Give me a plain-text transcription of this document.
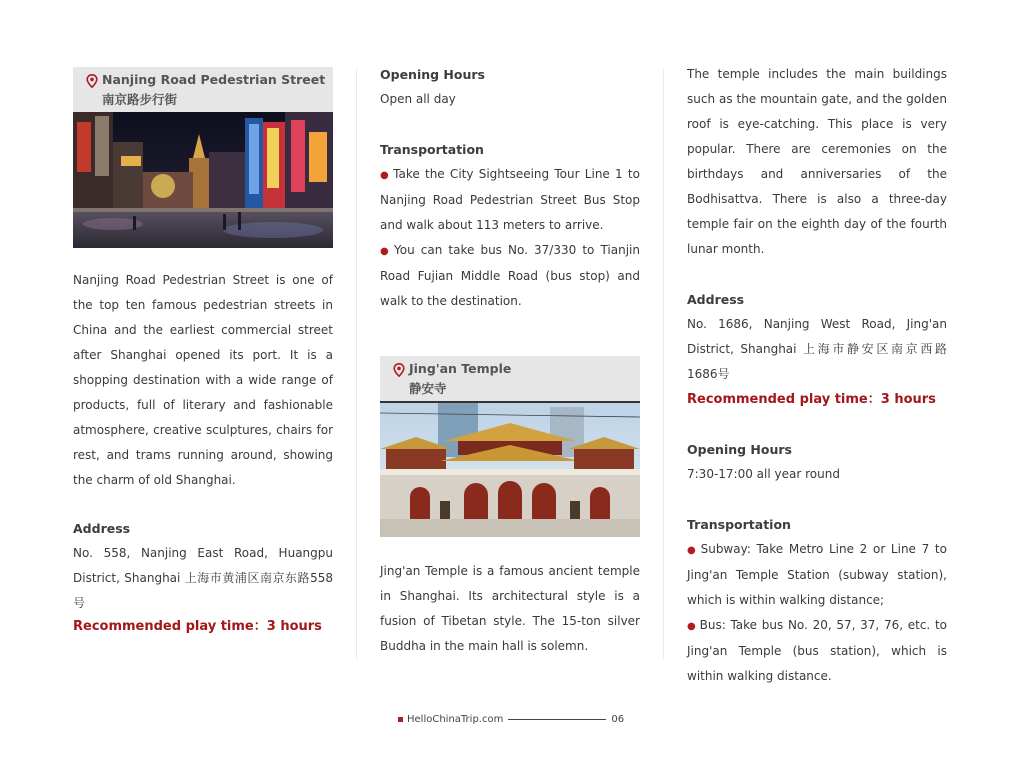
Nanjing Road Pedestrian Street
南京路步行街
Nanjing Road Pedestrian Street is one of the top ten famous pedestrian streets in China and the earliest commercial street after Shanghai opened its port. It is a shopping destination with a wide range of products, full of literary and fashionable atmosphere, creative sculptures, chairs for rest, and trams running around, showing the charm of old Shanghai.
Address
No. 558, Nanjing East Road, Huangpu District, Shanghai 上海市黄浦区南京东路558号
Recommended play time：3 hours
Opening Hours
Open all day
Transportation
● Take the City Sightseeing Tour Line 1 to Nanjing Road Pedestrian Street Bus Stop and walk about 113 meters to arrive.
● You can take bus No. 37/330 to Tianjin Road Fujian Middle Road (bus stop) and walk to the destination.
Jing'an Temple
静安寺
Jing'an Temple is a famous ancient temple in Shanghai. Its architectural style is a fusion of Tibetan style. The 15-ton silver Buddha in the main hall is solemn.
The temple includes the main buildings such as the mountain gate, and the golden roof is eye-catching. This place is very popular. There are ceremonies on the birthdays and anniversaries of the Bodhisattva. There is also a three-day temple fair on the eighth day of the fourth lunar month.
Address
No. 1686, Nanjing West Road, Jing'an District, Shanghai 上海市静安区南京西路1686号
Recommended play time：3 hours
Opening Hours
7:30-17:00 all year round
Transportation
● Subway: Take Metro Line 2 or Line 7 to Jing'an Temple Station (subway station), which is within walking distance;
● Bus: Take bus No. 20, 57, 37, 76, etc. to Jing'an Temple (bus station), which is within walking distance.
HelloChinaTrip.com	06
